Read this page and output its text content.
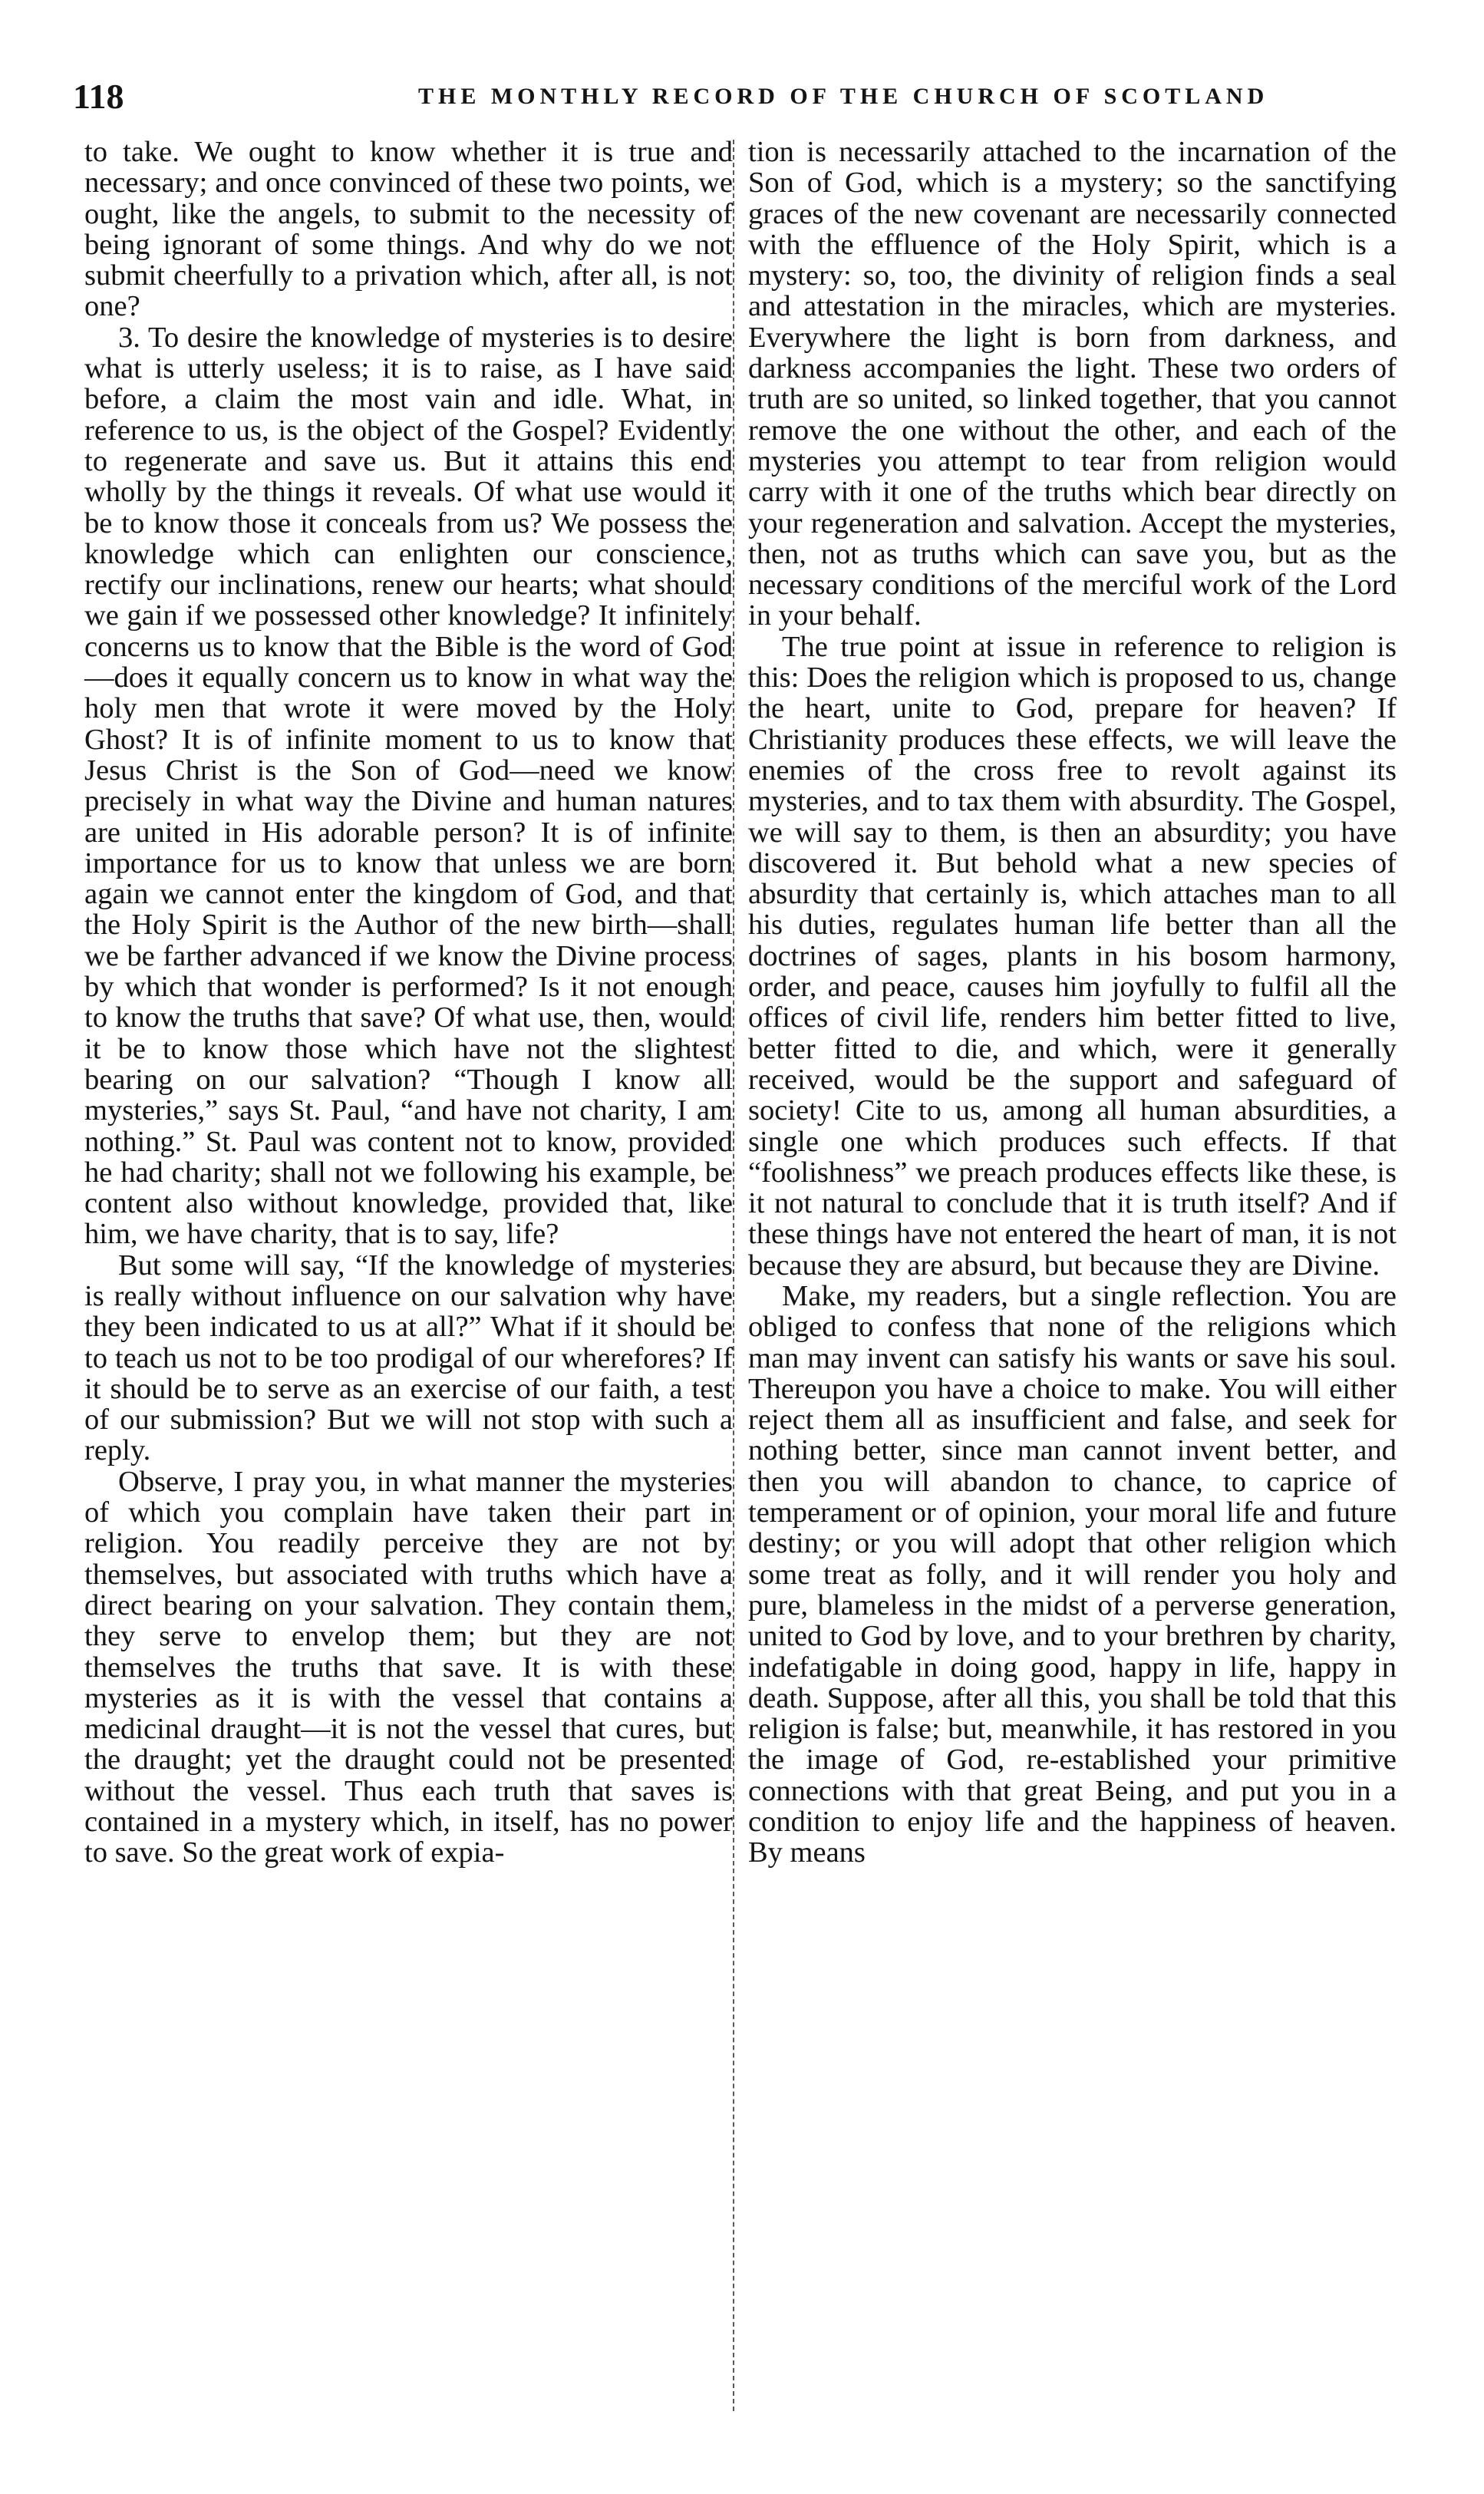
118	THE MONTHLY RECORD OF THE CHURCH OF SCOTLAND

to take. We ought to know whether it is true and necessary; and once convinced of these two points, we ought, like the angels, to submit to the necessity of being ignorant of some things. And why do we not submit cheerfully to a privation which, after all, is not one?

3. To desire the knowledge of mysteries is to desire what is utterly useless; it is to raise, as I have said before, a claim the most vain and idle. What, in reference to us, is the object of the Gospel? Evidently to regenerate and save us. But it attains this end wholly by the things it reveals. Of what use would it be to know those it conceals from us? We possess the knowledge which can enlighten our conscience, rectify our inclinations, renew our hearts; what should we gain if we possessed other knowledge? It infinitely concerns us to know that the Bible is the word of God—does it equally concern us to know in what way the holy men that wrote it were moved by the Holy Ghost? It is of infinite moment to us to know that Jesus Christ is the Son of God—need we know precisely in what way the Divine and human natures are united in His adorable person? It is of infinite importance for us to know that unless we are born again we cannot enter the kingdom of God, and that the Holy Spirit is the Author of the new birth—shall we be farther advanced if we know the Divine process by which that wonder is performed? Is it not enough to know the truths that save? Of what use, then, would it be to know those which have not the slightest bearing on our salvation? “Though I know all mysteries,” says St. Paul, “and have not charity, I am nothing.” St. Paul was content not to know, provided he had charity; shall not we following his example, be content also without knowledge, provided that, like him, we have charity, that is to say, life?

But some will say, “If the knowledge of mysteries is really without influence on our salvation why have they been indicated to us at all?” What if it should be to teach us not to be too prodigal of our wherefores? If it should be to serve as an exercise of our faith, a test of our submission? But we will not stop with such a reply.

Observe, I pray you, in what manner the mysteries of which you complain have taken their part in religion. You readily perceive they are not by themselves, but associated with truths which have a direct bearing on your salvation. They contain them, they serve to envelop them; but they are not themselves the truths that save. It is with these mysteries as it is with the vessel that contains a medicinal draught—it is not the vessel that cures, but the draught; yet the draught could not be presented without the vessel. Thus each truth that saves is contained in a mystery which, in itself, has no power to save. So the great work of expia-

tion is necessarily attached to the incarnation of the Son of God, which is a mystery; so the sanctifying graces of the new covenant are necessarily connected with the effluence of the Holy Spirit, which is a mystery: so, too, the divinity of religion finds a seal and attestation in the miracles, which are mysteries. Everywhere the light is born from darkness, and darkness accompanies the light. These two orders of truth are so united, so linked together, that you cannot remove the one without the other, and each of the mysteries you attempt to tear from religion would carry with it one of the truths which bear directly on your regeneration and salvation. Accept the mysteries, then, not as truths which can save you, but as the necessary conditions of the merciful work of the Lord in your behalf.

The true point at issue in reference to religion is this: Does the religion which is proposed to us, change the heart, unite to God, prepare for heaven? If Christianity produces these effects, we will leave the enemies of the cross free to revolt against its mysteries, and to tax them with absurdity. The Gospel, we will say to them, is then an absurdity; you have discovered it. But behold what a new species of absurdity that certainly is, which attaches man to all his duties, regulates human life better than all the doctrines of sages, plants in his bosom harmony, order, and peace, causes him joyfully to fulfil all the offices of civil life, renders him better fitted to live, better fitted to die, and which, were it generally received, would be the support and safeguard of society! Cite to us, among all human absurdities, a single one which produces such effects. If that “foolishness” we preach produces effects like these, is it not natural to conclude that it is truth itself? And if these things have not entered the heart of man, it is not because they are absurd, but because they are Divine.

Make, my readers, but a single reflection. You are obliged to confess that none of the religions which man may invent can satisfy his wants or save his soul. Thereupon you have a choice to make. You will either reject them all as insufficient and false, and seek for nothing better, since man cannot invent better, and then you will abandon to chance, to caprice of temperament or of opinion, your moral life and future destiny; or you will adopt that other religion which some treat as folly, and it will render you holy and pure, blameless in the midst of a perverse generation, united to God by love, and to your brethren by charity, indefatigable in doing good, happy in life, happy in death. Suppose, after all this, you shall be told that this religion is false; but, meanwhile, it has restored in you the image of God, re-established your primitive connections with that great Being, and put you in a condition to enjoy life and the happiness of heaven. By means
